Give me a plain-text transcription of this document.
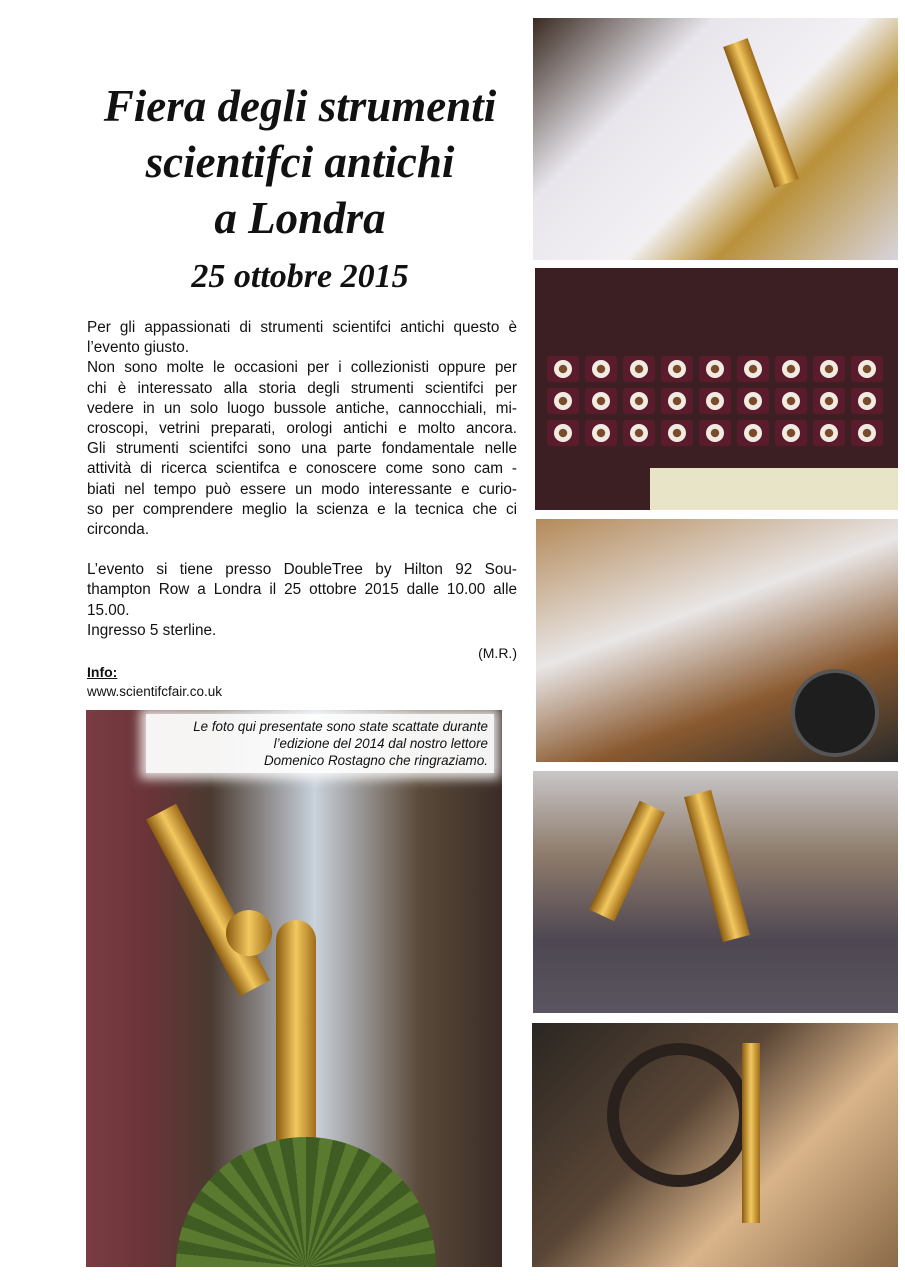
Fiera degli strumenti
scientifci antichi
a Londra
25 ottobre 2015

Per gli appassionati di strumenti scientifci antichi questo è
l’evento giusto.
Non sono molte le occasioni per i collezionisti oppure per
chi è interessato alla storia degli strumenti scientifci per
vedere in un solo luogo bussole antiche, cannocchiali, mi-
croscopi, vetrini preparati, orologi antichi e molto ancora.
Gli strumenti scientifci sono una parte fondamentale nelle
attività di ricerca scientifca e conoscere come sono cam -
biati nel tempo può essere un modo interessante e curio-
so per comprendere meglio la scienza e la tecnica che ci
circonda.

L’evento si tiene presso DoubleTree by Hilton 92 Sou-
thampton Row a Londra il 25 ottobre 2015 dalle 10.00 alle
15.00.
Ingresso 5 sterline.

(M.R.)
Info:
www.scientifcfair.co.uk
Le foto qui presentate sono state scattate durante
l’edizione del 2014 dal nostro lettore
Domenico Rostagno che ringraziamo.
